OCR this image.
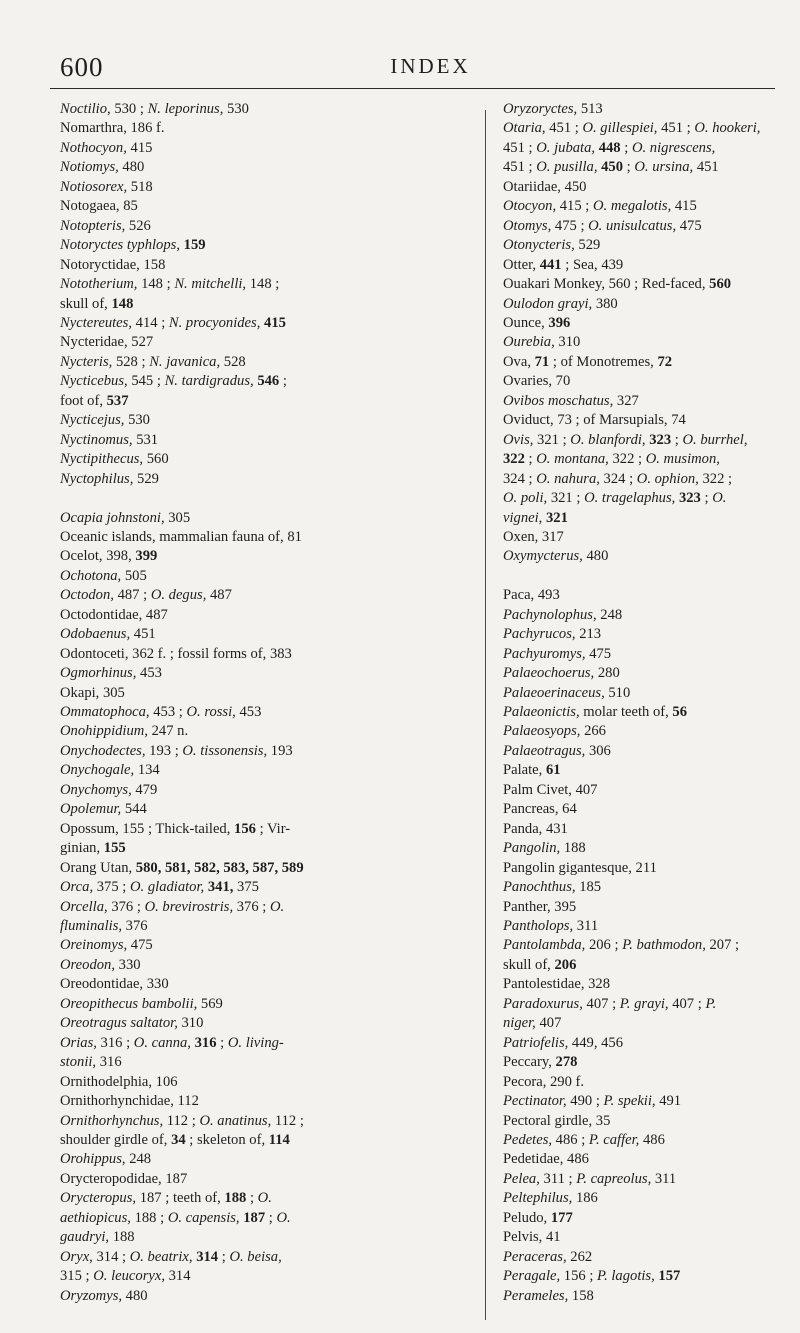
600	INDEX
Noctilio, 530 ; N. leporinus, 530
Nomarthra, 186 f.
Nothocyon, 415
Notiomys, 480
Notiosorex, 518
Notogaea, 85
Notopteris, 526
Notoryctes typhlops, 159
Notoryctidae, 158
Nototherium, 148 ; N. mitchelli, 148 ;
skull of, 148
Nyctereutes, 414 ; N. procyonides, 415
Nycteridae, 527
Nycteris, 528 ; N. javanica, 528
Nycticebus, 545 ; N. tardigradus, 546 ;
foot of, 537
Nycticejus, 530
Nyctinomus, 531
Nyctipithecus, 560
Nyctophilus, 529
Ocapia johnstoni, 305
Oceanic islands, mammalian fauna of, 81
Ocelot, 398, 399
Ochotona, 505
Octodon, 487 ; O. degus, 487
Octodontidae, 487
Odobaenus, 451
Odontoceti, 362 f. ; fossil forms of, 383
Ogmorhinus, 453
Okapi, 305
Ommatophoca, 453 ; O. rossi, 453
Onohippidium, 247 n.
Onychodectes, 193 ; O. tissonensis, 193
Onychogale, 134
Onychomys, 479
Opolemur, 544
Opossum, 155 ; Thick-tailed, 156 ; Vir-
ginian, 155
Orang Utan, 580, 581, 582, 583, 587, 589
Orca, 375 ; O. gladiator, 341, 375
Orcella, 376 ; O. brevirostris, 376 ; O.
fluminalis, 376
Oreinomys, 475
Oreodon, 330
Oreodontidae, 330
Oreopithecus bambolii, 569
Oreotragus saltator, 310
Orias, 316 ; O. canna, 316 ; O. living-
stonii, 316
Ornithodelphia, 106
Ornithorhynchidae, 112
Ornithorhynchus, 112 ; O. anatinus, 112 ;
shoulder girdle of, 34 ; skeleton of, 114
Orohippus, 248
Orycteropodidae, 187
Orycteropus, 187 ; teeth of, 188 ; O.
aethiopicus, 188 ; O. capensis, 187 ; O.
gaudryi, 188
Oryx, 314 ; O. beatrix, 314 ; O. beisa,
315 ; O. leucoryx, 314
Oryzomys, 480
Oryzoryctes, 513
Otaria, 451 ; O. gillespiei, 451 ; O. hookeri,
451 ; O. jubata, 448 ; O. nigrescens,
451 ; O. pusilla, 450 ; O. ursina, 451
Otariidae, 450
Otocyon, 415 ; O. megalotis, 415
Otomys, 475 ; O. unisulcatus, 475
Otonycteris, 529
Otter, 441 ; Sea, 439
Ouakari Monkey, 560 ; Red-faced, 560
Oulodon grayi, 380
Ounce, 396
Ourebia, 310
Ova, 71 ; of Monotremes, 72
Ovaries, 70
Ovibos moschatus, 327
Oviduct, 73 ; of Marsupials, 74
Ovis, 321 ; O. blanfordi, 323 ; O. burrhel,
322 ; O. montana, 322 ; O. musimon,
324 ; O. nahura, 324 ; O. ophion, 322 ;
O. poli, 321 ; O. tragelaphus, 323 ; O.
vignei, 321
Oxen, 317
Oxymycterus, 480
Paca, 493
Pachynolophus, 248
Pachyrucos, 213
Pachyuromys, 475
Palaeochoerus, 280
Palaeoerinaceus, 510
Palaeonictis, molar teeth of, 56
Palaeosyops, 266
Palaeotragus, 306
Palate, 61
Palm Civet, 407
Pancreas, 64
Panda, 431
Pangolin, 188
Pangolin gigantesque, 211
Panochthus, 185
Panther, 395
Pantholops, 311
Pantolambda, 206 ; P. bathmodon, 207 ;
skull of, 206
Pantolestidae, 328
Paradoxurus, 407 ; P. grayi, 407 ; P.
niger, 407
Patriofelis, 449, 456
Peccary, 278
Pecora, 290 f.
Pectinator, 490 ; P. spekii, 491
Pectoral girdle, 35
Pedetes, 486 ; P. caffer, 486
Pedetidae, 486
Pelea, 311 ; P. capreolus, 311
Peltephilus, 186
Peludo, 177
Pelvis, 41
Peraceras, 262
Peragale, 156 ; P. lagotis, 157
Perameles, 158
